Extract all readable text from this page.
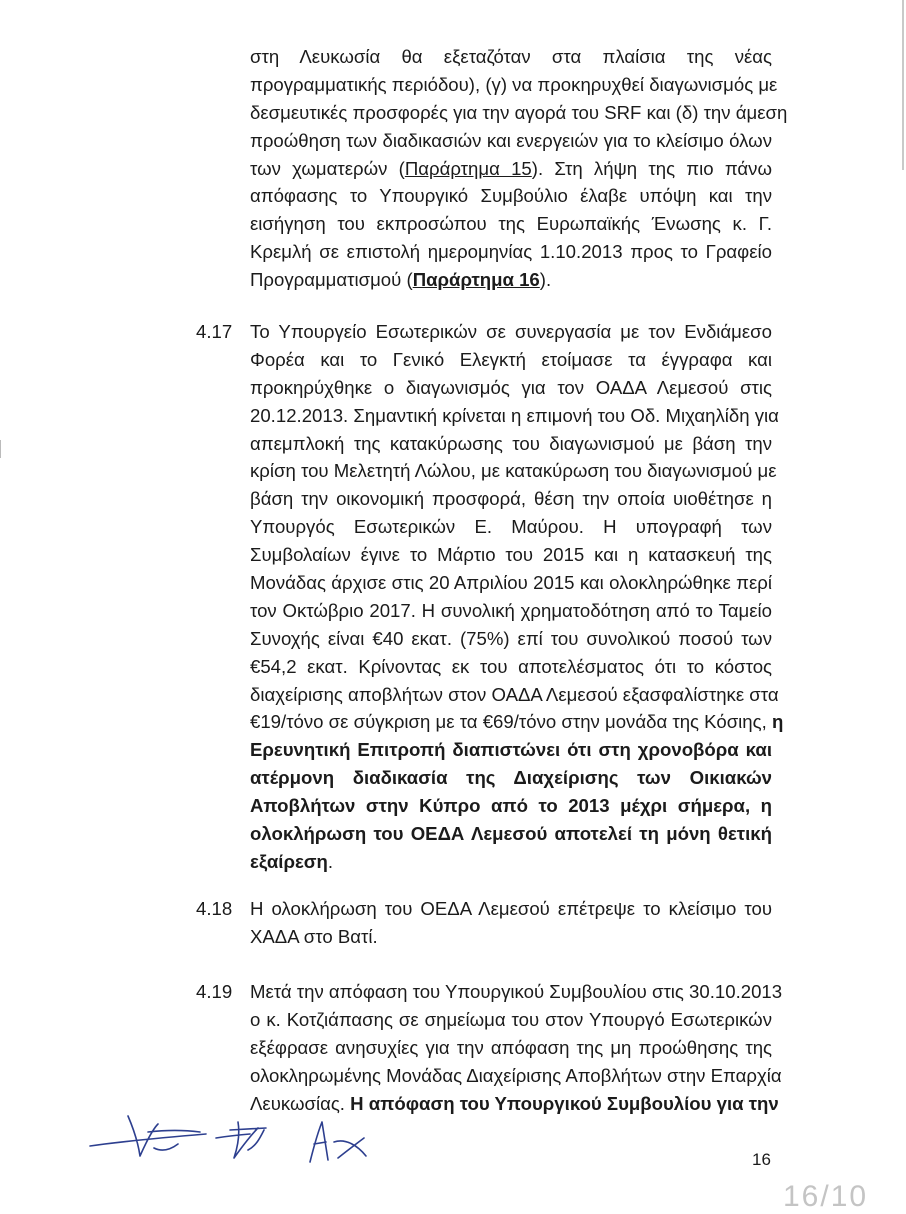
στη Λευκωσία θα εξεταζόταν στα πλαίσια της νέας
προγραμματικής περιόδου), (γ) να προκηρυχθεί διαγωνισμός με
δεσμευτικές προσφορές για την αγορά του SRF και (δ) την άμεση
προώθηση των διαδικασιών και ενεργειών για το κλείσιμο όλων
των χωματερών (Παράρτημα 15). Στη λήψη της πιο πάνω
απόφασης το Υπουργικό Συμβούλιο έλαβε υπόψη και την
εισήγηση του εκπροσώπου της Ευρωπαϊκής Ένωσης κ. Γ.
Κρεμλή σε επιστολή ημερομηνίας 1.10.2013 προς το Γραφείο
Προγραμματισμού (Παράρτημα 16).
4.17 Το Υπουργείο Εσωτερικών σε συνεργασία με τον Ενδιάμεσο
Φορέα και το Γενικό Ελεγκτή ετοίμασε τα έγγραφα και
προκηρύχθηκε ο διαγωνισμός για τον ΟΑΔΑ Λεμεσού στις
20.12.2013. Σημαντική κρίνεται η επιμονή του Οδ. Μιχαηλίδη για
απεμπλοκή της κατακύρωσης του διαγωνισμού με βάση την
κρίση του Μελετητή Λώλου, με κατακύρωση του διαγωνισμού με
βάση την οικονομική προσφορά, θέση την οποία υιοθέτησε η
Υπουργός Εσωτερικών Ε. Μαύρου. Η υπογραφή των
Συμβολαίων έγινε το Μάρτιο του 2015 και η κατασκευή της
Μονάδας άρχισε στις 20 Απριλίου 2015 και ολοκληρώθηκε περί
τον Οκτώβριο 2017. Η συνολική χρηματοδότηση από το Ταμείο
Συνοχής είναι €40 εκατ. (75%) επί του συνολικού ποσού των
€54,2 εκατ. Κρίνοντας εκ του αποτελέσματος ότι το κόστος
διαχείρισης αποβλήτων στον ΟΑΔΑ Λεμεσού εξασφαλίστηκε στα
€19/τόνο σε σύγκριση με τα €69/τόνο στην μονάδα της Κόσιης, η
Ερευνητική Επιτροπή διαπιστώνει ότι στη χρονοβόρα και
ατέρμονη διαδικασία της Διαχείρισης των Οικιακών
Αποβλήτων στην Κύπρο από το 2013 μέχρι σήμερα, η
ολοκλήρωση του ΟΕΔΑ Λεμεσού αποτελεί τη μόνη θετική
εξαίρεση.
4.18 Η ολοκλήρωση του ΟΕΔΑ Λεμεσού επέτρεψε το κλείσιμο του
ΧΑΔΑ στο Βατί.
4.19 Μετά την απόφαση του Υπουργικού Συμβουλίου στις 30.10.2013
ο κ. Κοτζιάπασης σε σημείωμα του στον Υπουργό Εσωτερικών
εξέφρασε ανησυχίες για την απόφαση της μη προώθησης της
ολοκληρωμένης Μονάδας Διαχείρισης Αποβλήτων στην Επαρχία
Λευκωσίας. Η απόφαση του Υπουργικού Συμβουλίου για την
16
16/10
